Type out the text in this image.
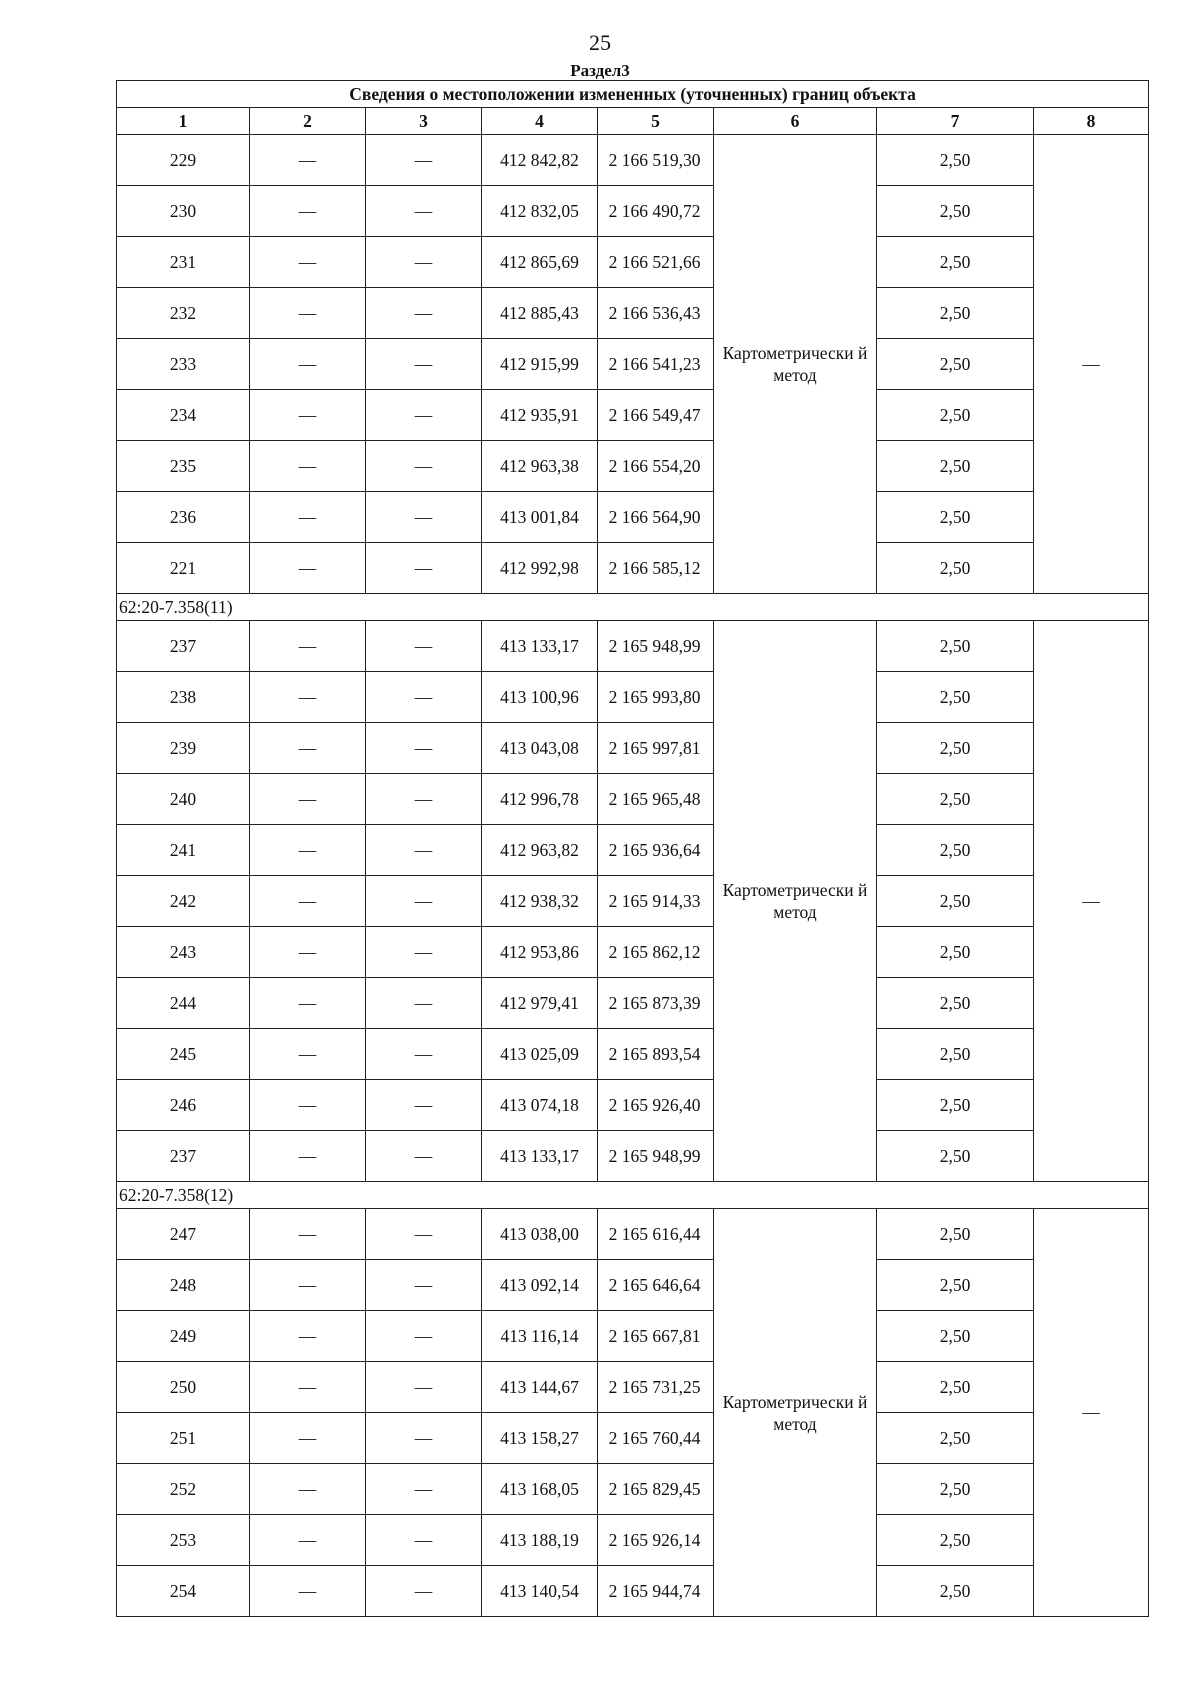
25
Раздел3
Сведения о местоположении измененных (уточненных) границ объекта							
1	2	3	4	5	6	7	8
229	—	—	412 842,82	2 166 519,30	Картометрически й метод	2,50	—
230	—	—	412 832,05	2 166 490,72		2,50	
231	—	—	412 865,69	2 166 521,66		2,50	
232	—	—	412 885,43	2 166 536,43		2,50	
233	—	—	412 915,99	2 166 541,23		2,50	
234	—	—	412 935,91	2 166 549,47		2,50	
235	—	—	412 963,38	2 166 554,20		2,50	
236	—	—	413 001,84	2 166 564,90		2,50	
221	—	—	412 992,98	2 166 585,12		2,50	
62:20-7.358(11)							
237	—	—	413 133,17	2 165 948,99	Картометрически й метод	2,50	—
238	—	—	413 100,96	2 165 993,80		2,50	
239	—	—	413 043,08	2 165 997,81		2,50	
240	—	—	412 996,78	2 165 965,48		2,50	
241	—	—	412 963,82	2 165 936,64		2,50	
242	—	—	412 938,32	2 165 914,33		2,50	
243	—	—	412 953,86	2 165 862,12		2,50	
244	—	—	412 979,41	2 165 873,39		2,50	
245	—	—	413 025,09	2 165 893,54		2,50	
246	—	—	413 074,18	2 165 926,40		2,50	
237	—	—	413 133,17	2 165 948,99		2,50	
62:20-7.358(12)							
247	—	—	413 038,00	2 165 616,44	Картометрически й метод	2,50	—
248	—	—	413 092,14	2 165 646,64		2,50	
249	—	—	413 116,14	2 165 667,81		2,50	
250	—	—	413 144,67	2 165 731,25		2,50	
251	—	—	413 158,27	2 165 760,44		2,50	
252	—	—	413 168,05	2 165 829,45		2,50	
253	—	—	413 188,19	2 165 926,14		2,50	
254	—	—	413 140,54	2 165 944,74		2,50	
